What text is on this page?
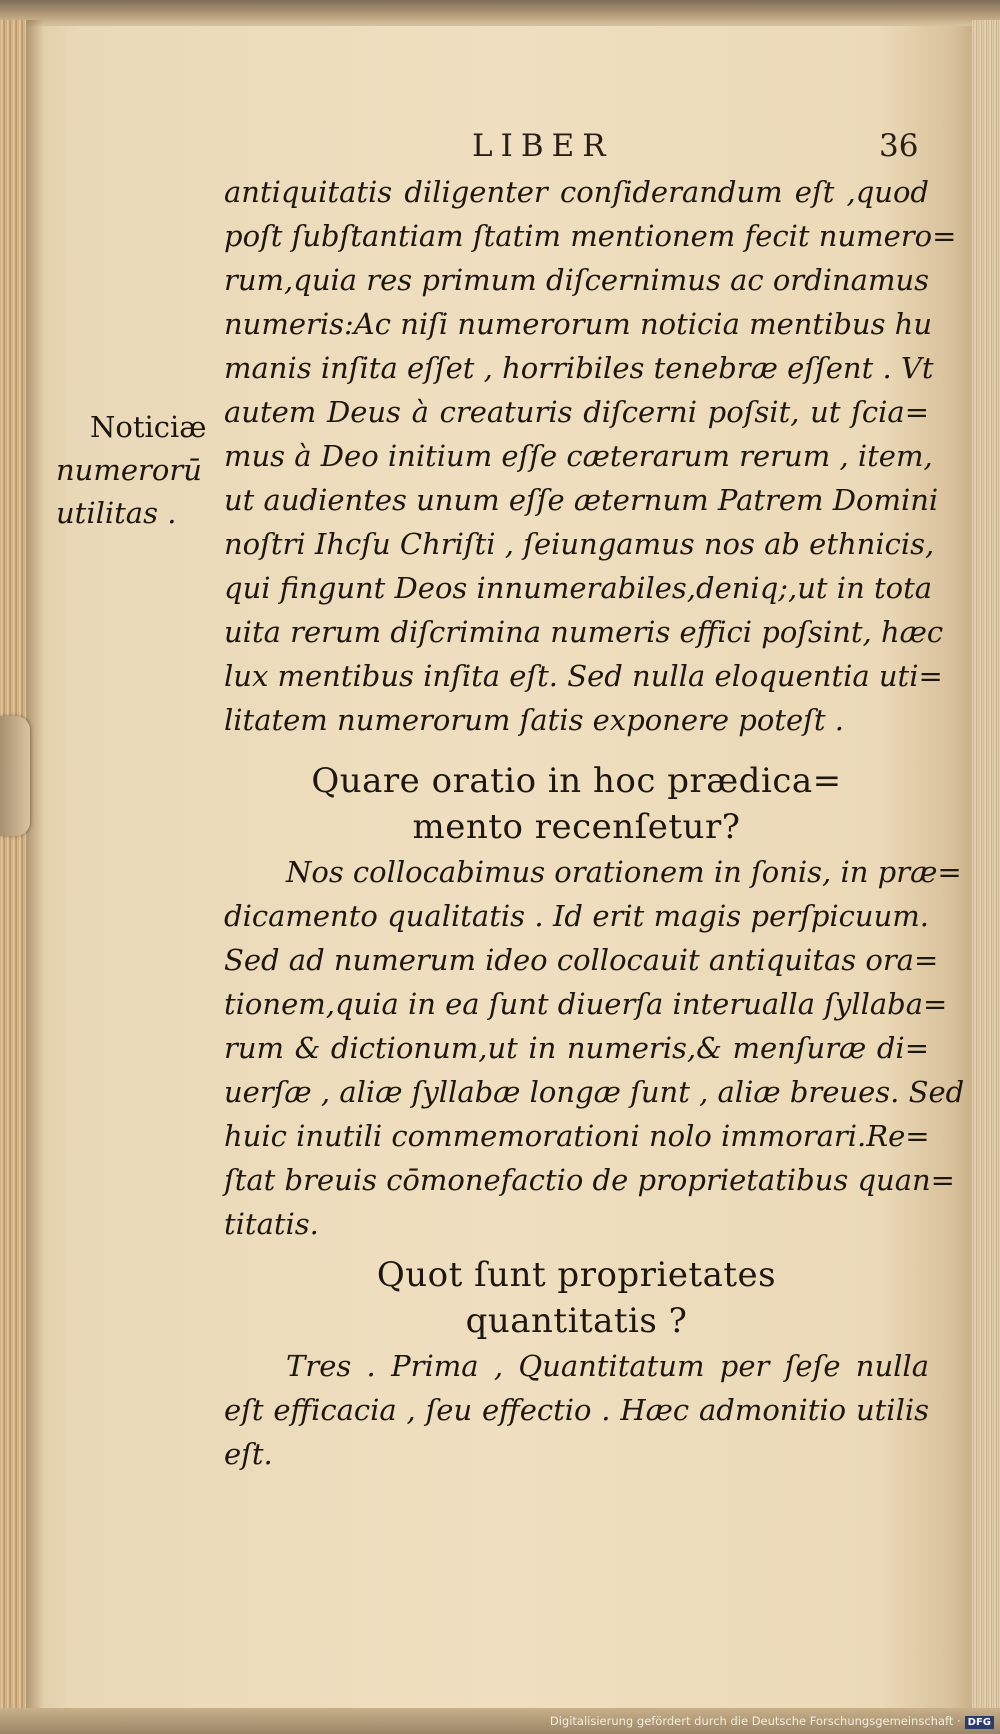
LIBER	36
Noticiæ
numerorū
utilitas .
antiquitatis diligenter conſiderandum eſt ,quod
poſt ſubſtantiam ſtatim mentionem fecit numero=
rum,quia res primum diſcernimus ac ordinamus
numeris:Ac niſi numerorum noticia mentibus hu
manis inſita eſſet , horribiles tenebræ eſſent . Vt
autem Deus à creaturis diſcerni poſsit, ut ſcia=
mus à Deo initium eſſe cæterarum rerum , item,
ut audientes unum eſſe æternum Patrem Domini
noſtri Ihcſu Chriſti , ſeiungamus nos ab ethnicis,
qui fingunt Deos innumerabiles,deniq;,ut in tota
uita rerum diſcrimina numeris effici poſsint, hæc
lux mentibus inſita eſt. Sed nulla eloquentia uti=
litatem numerorum ſatis exponere poteſt .
Quare oratio in hoc prædica=
mento recenſetur?
Nos collocabimus orationem in ſonis, in præ=
dicamento qualitatis . Id erit magis perſpicuum.
Sed ad numerum ideo collocauit antiquitas ora=
tionem,quia in ea ſunt diuerſa interualla ſyllaba=
rum & dictionum,ut in numeris,& menſuræ di=
uerſæ , aliæ ſyllabæ longæ ſunt , aliæ breues. Sed
huic inutili commemorationi nolo immorari.Re=
ſtat breuis cōmonefactio de proprietatibus quan=
titatis.
Quot ſunt proprietates
quantitatis ?
Tres . Prima , Quantitatum per ſeſe nulla
eſt efficacia , ſeu effectio . Hæc admonitio utilis
eſt.
Digitalisierung gefördert durch die Deutsche Forschungsgemeinschaft · DFG
